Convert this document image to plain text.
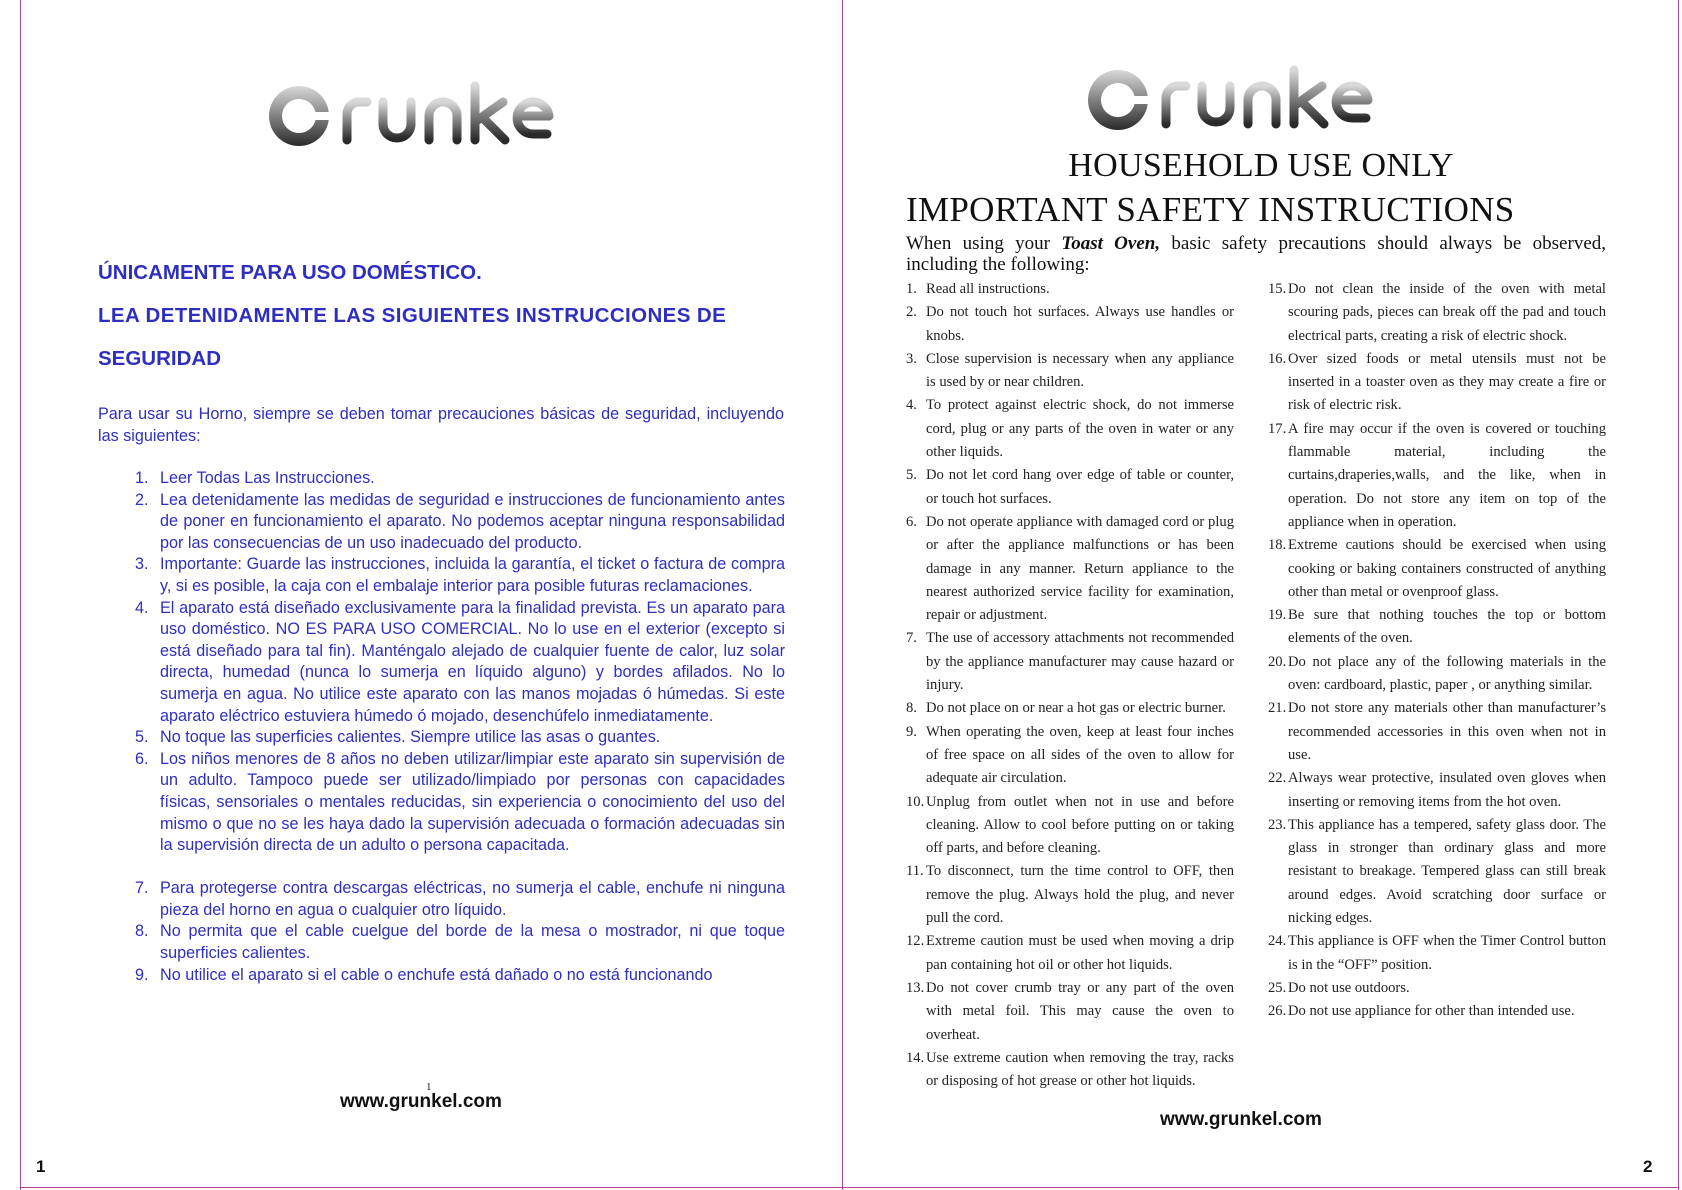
ÚNICAMENTE PARA USO DOMÉSTICO.
LEA DETENIDAMENTE LAS SIGUIENTES INSTRUCCIONES DE
SEGURIDAD
Para usar su Horno, siempre se deben tomar precauciones básicas de seguridad, incluyendo las siguientes:
1. Leer Todas Las Instrucciones.
2. Lea detenidamente las medidas de seguridad e instrucciones de funcionamiento antes de poner en funcionamiento el aparato. No podemos aceptar ninguna responsabilidad por las consecuencias de un uso inadecuado del producto.
3. Importante: Guarde las instrucciones, incluida la garantía, el ticket o factura de compra y, si es posible, la caja con el embalaje interior para posible futuras reclamaciones.
4. El aparato está diseñado exclusivamente para la finalidad prevista. Es un aparato para uso doméstico. NO ES PARA USO COMERCIAL. No lo use en el exterior (excepto si está diseñado para tal fin). Manténgalo alejado de cualquier fuente de calor, luz solar directa, humedad (nunca lo sumerja en líquido alguno) y bordes afilados. No lo sumerja en agua. No utilice este aparato con las manos mojadas ó húmedas. Si este aparato eléctrico estuviera húmedo ó mojado, desenchúfelo inmediatamente.
5. No toque las superficies calientes. Siempre utilice las asas o guantes.
6. Los niños menores de 8 años no deben utilizar/limpiar este aparato sin supervisión de un adulto. Tampoco puede ser utilizado/limpiado por personas con capacidades físicas, sensoriales o mentales reducidas, sin experiencia o conocimiento del uso del mismo o que no se les haya dado la supervisión adecuada o formación adecuadas sin la supervisión directa de un adulto o persona capacitada.
7. Para protegerse contra descargas eléctricas, no sumerja el cable, enchufe ni ninguna pieza del horno en agua o cualquier otro líquido.
8. No permita que el cable cuelgue del borde de la mesa o mostrador, ni que toque superficies calientes.
9. No utilice el aparato si el cable o enchufe está dañado o no está funcionando
1
www.grunkel.com
1
HOUSEHOLD USE ONLY
IMPORTANT SAFETY INSTRUCTIONS
When using your Toast Oven, basic safety precautions should always be observed, including the following:
1. Read all instructions.
2. Do not touch hot surfaces. Always use handles or knobs.
3. Close supervision is necessary when any appliance is used by or near children.
4. To protect against electric shock, do not immerse cord, plug or any parts of the oven in water or any other liquids.
5. Do not let cord hang over edge of table or counter, or touch hot surfaces.
6. Do not operate appliance with damaged cord or plug or after the appliance malfunctions or has been damage in any manner. Return appliance to the nearest authorized service facility for examination, repair or adjustment.
7. The use of accessory attachments not recommended by the appliance manufacturer may cause hazard or injury.
8. Do not place on or near a hot gas or electric burner.
9. When operating the oven, keep at least four inches of free space on all sides of the oven to allow for adequate air circulation.
10. Unplug from outlet when not in use and before cleaning. Allow to cool before putting on or taking off parts, and before cleaning.
11. To disconnect, turn the time control to OFF, then remove the plug. Always hold the plug, and never pull the cord.
12. Extreme caution must be used when moving a drip pan containing hot oil or other hot liquids.
13. Do not cover crumb tray or any part of the oven with metal foil. This may cause the oven to overheat.
14. Use extreme caution when removing the tray, racks or disposing of hot grease or other hot liquids.
15. Do not clean the inside of the oven with metal scouring pads, pieces can break off the pad and touch electrical parts, creating a risk of electric shock.
16. Over sized foods or metal utensils must not be inserted in a toaster oven as they may create a fire or risk of electric risk.
17. A fire may occur if the oven is covered or touching flammable material, including the curtains,draperies,walls, and the like, when in operation. Do not store any item on top of the appliance when in operation.
18. Extreme cautions should be exercised when using cooking or baking containers constructed of anything other than metal or ovenproof glass.
19. Be sure that nothing touches the top or bottom elements of the oven.
20. Do not place any of the following materials in the oven: cardboard, plastic, paper , or anything similar.
21. Do not store any materials other than manufacturer’s recommended accessories in this oven when not in use.
22. Always wear protective, insulated oven gloves when inserting or removing items from the hot oven.
23. This appliance has a tempered, safety glass door. The glass in stronger than ordinary glass and more resistant to breakage. Tempered glass can still break around edges. Avoid scratching door surface or nicking edges.
24. This appliance is OFF when the Timer Control button is in the “OFF” position.
25. Do not use outdoors.
26. Do not use appliance for other than intended use.
www.grunkel.com
2
